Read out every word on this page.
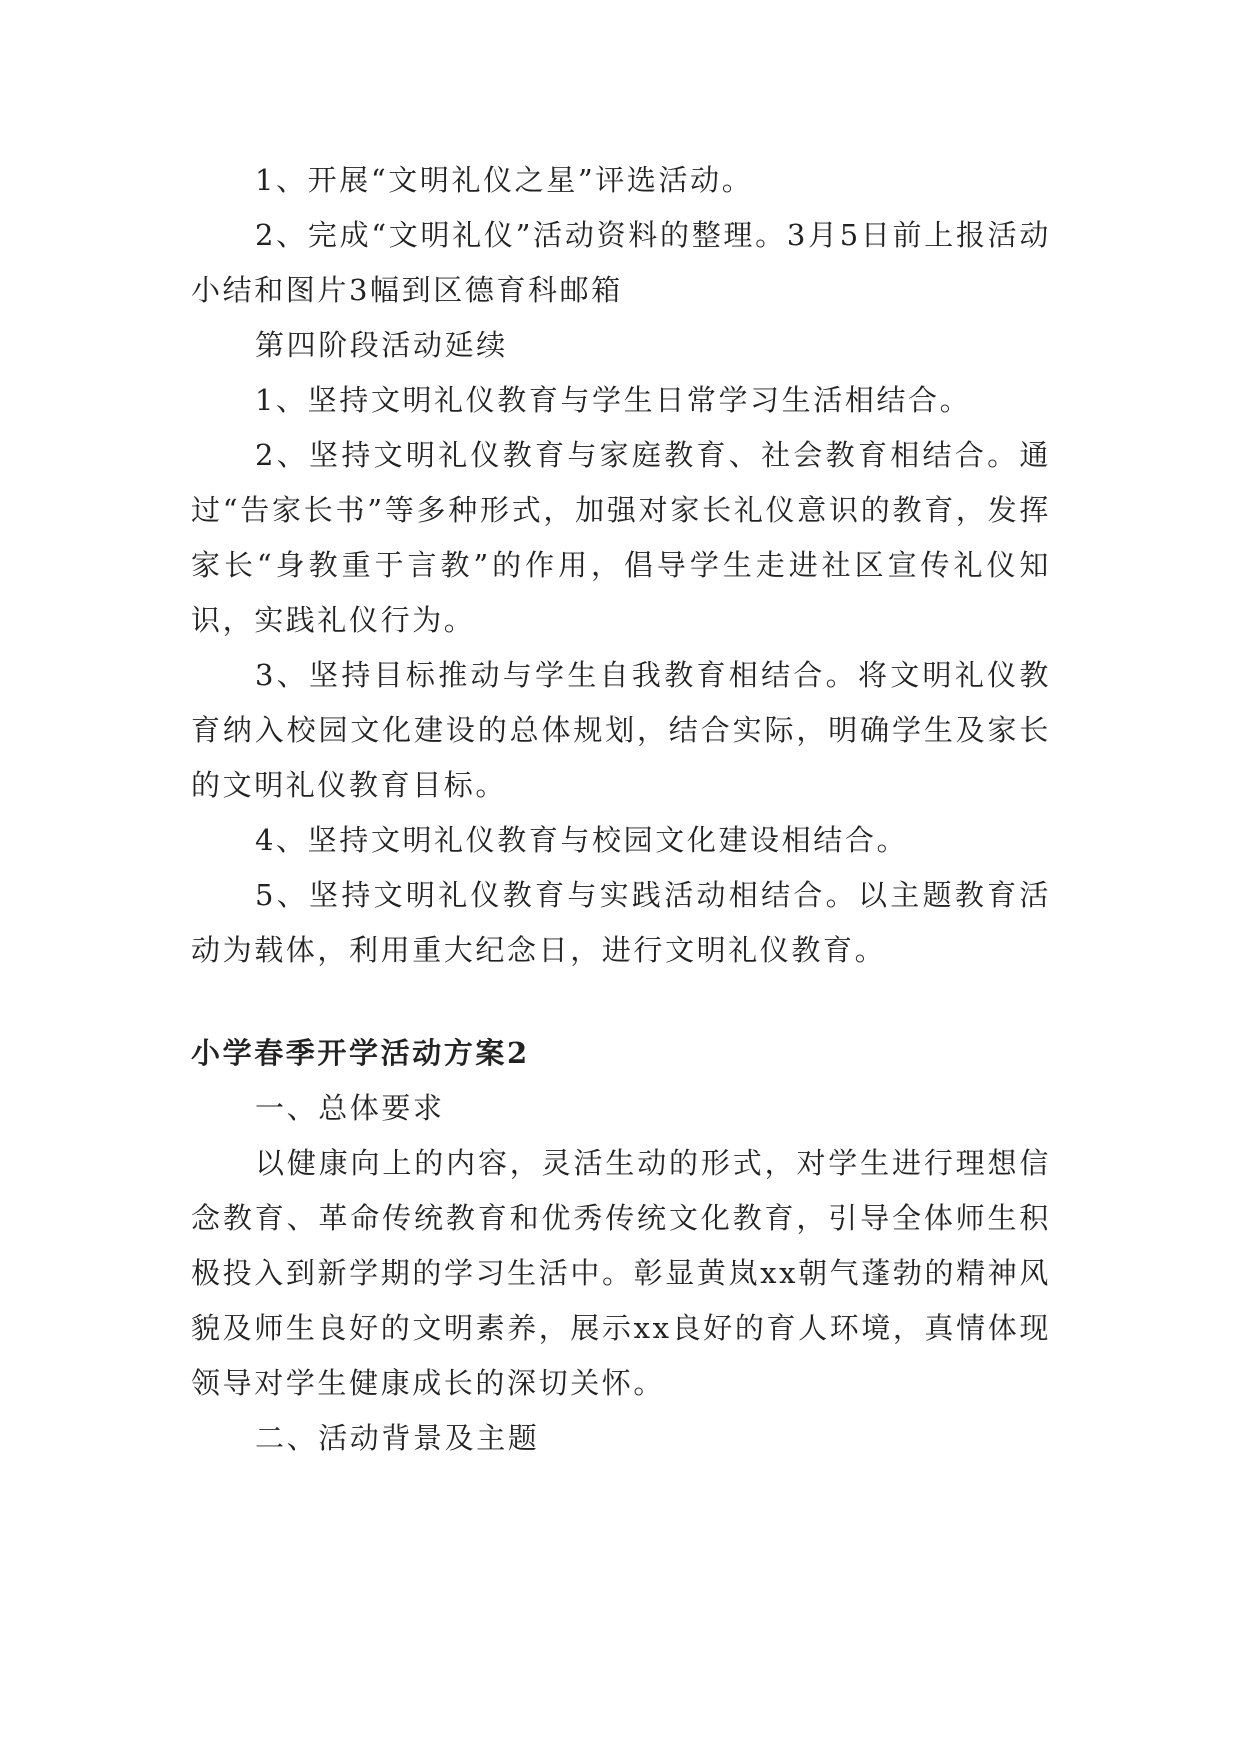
1、开展“文明礼仪之星”评选活动。

2、完成“文明礼仪”活动资料的整理。3月5日前上报活动小结和图片3幅到区德育科邮箱

第四阶段活动延续

1、坚持文明礼仪教育与学生日常学习生活相结合。

2、坚持文明礼仪教育与家庭教育、社会教育相结合。通过“告家长书”等多种形式，加强对家长礼仪意识的教育，发挥家长“身教重于言教”的作用，倡导学生走进社区宣传礼仪知识，实践礼仪行为。

3、坚持目标推动与学生自我教育相结合。将文明礼仪教育纳入校园文化建设的总体规划，结合实际，明确学生及家长的文明礼仪教育目标。

4、坚持文明礼仪教育与校园文化建设相结合。

5、坚持文明礼仪教育与实践活动相结合。以主题教育活动为载体，利用重大纪念日，进行文明礼仪教育。

小学春季开学活动方案2

一、总体要求

以健康向上的内容，灵活生动的形式，对学生进行理想信念教育、革命传统教育和优秀传统文化教育，引导全体师生积极投入到新学期的学习生活中。彰显黄岚xx朝气蓬勃的精神风貌及师生良好的文明素养，展示xx良好的育人环境，真情体现领导对学生健康成长的深切关怀。

二、活动背景及主题
